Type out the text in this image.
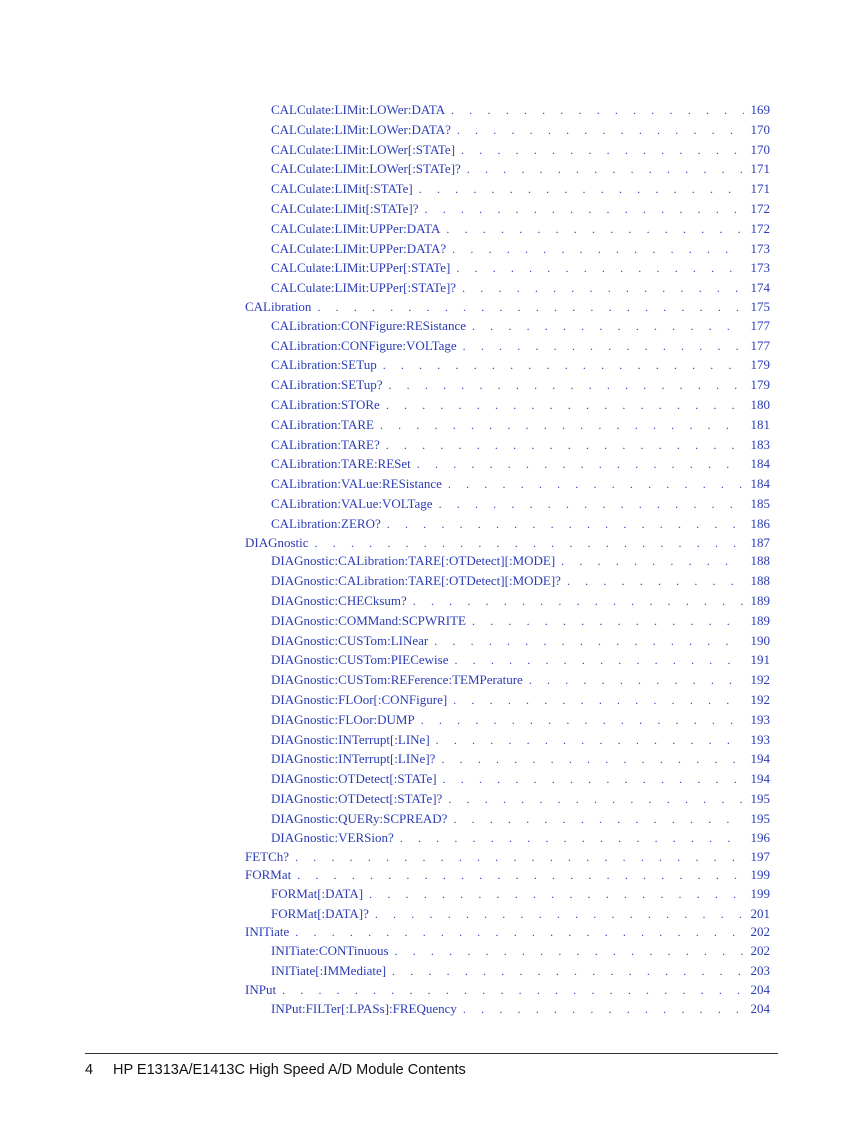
CALCulate:LIMit:LOWer:DATA . . .	169
CALCulate:LIMit:LOWer:DATA? . . .	170
CALCulate:LIMit:LOWer[:STATe] . . .	170
CALCulate:LIMit:LOWer[:STATe]? . . .	171
CALCulate:LIMit[:STATe] . . .	171
CALCulate:LIMit[:STATe]? . . .	172
CALCulate:LIMit:UPPer:DATA . . .	172
CALCulate:LIMit:UPPer:DATA? . . .	173
CALCulate:LIMit:UPPer[:STATe] . . .	173
CALCulate:LIMit:UPPer[:STATe]? . . .	174
CALibration . . .	175
CALibration:CONFigure:RESistance . . .	177
CALibration:CONFigure:VOLTage . . .	177
CALibration:SETup . . .	179
CALibration:SETup? . . .	179
CALibration:STORe . . .	180
CALibration:TARE . . .	181
CALibration:TARE? . . .	183
CALibration:TARE:RESet . . .	184
CALibration:VALue:RESistance . . .	184
CALibration:VALue:VOLTage . . .	185
CALibration:ZERO? . . .	186
DIAGnostic . . .	187
DIAGnostic:CALibration:TARE[:OTDetect][:MODE] . . .	188
DIAGnostic:CALibration:TARE[:OTDetect][:MODE]? . . .	188
DIAGnostic:CHECksum? . . .	189
DIAGnostic:COMMand:SCPWRITE . . .	189
DIAGnostic:CUSTom:LINear . . .	190
DIAGnostic:CUSTom:PIECewise . . .	191
DIAGnostic:CUSTom:REFerence:TEMPerature . . .	192
DIAGnostic:FLOor[:CONFigure] . . .	192
DIAGnostic:FLOor:DUMP . . .	193
DIAGnostic:INTerrupt[:LINe] . . .	193
DIAGnostic:INTerrupt[:LINe]? . . .	194
DIAGnostic:OTDetect[:STATe] . . .	194
DIAGnostic:OTDetect[:STATe]? . . .	195
DIAGnostic:QUERy:SCPREAD? . . .	195
DIAGnostic:VERSion? . . .	196
FETCh? . . .	197
FORMat . . .	199
FORMat[:DATA] . . .	199
FORMat[:DATA]? . . .	201
INITiate . . .	202
INITiate:CONTinuous . . .	202
INITiate[:IMMediate] . . .	203
INPut . . .	204
INPut:FILTer[:LPASs]:FREQuency . . .	204
4 HP E1313A/E1413C High Speed A/D Module Contents
